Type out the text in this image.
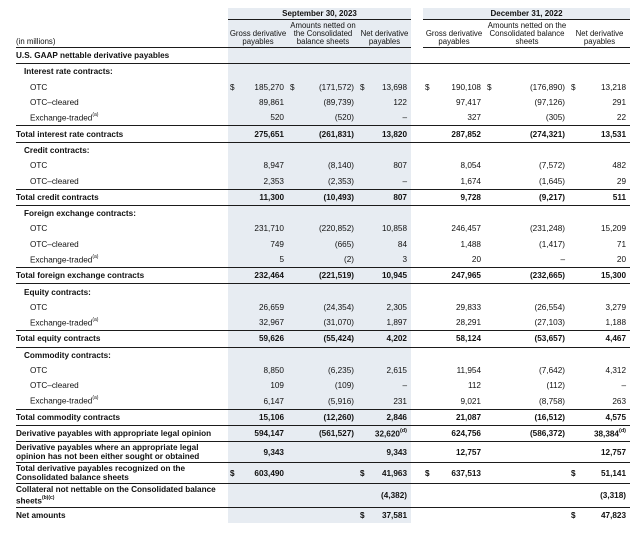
	September 30, 2023				December 31, 2022		
(in millions)	Gross derivative payables	Amounts netted on the Consolidated balance sheets	Net derivative payables		Gross derivative payables	Amounts netted on the Consolidated balance sheets	Net derivative payables
U.S. GAAP nettable derivative payables							
Interest rate contracts:							
OTC	$ 185,270	$ (171,572)	$ 13,698		$ 190,108	$ (176,890)	$ 13,218
OTC–cleared	89,861	(89,739)	122		97,417	(97,126)	291
Exchange-traded$^{(a)}$	520	(520)	–		327	(305)	22
Total interest rate contracts	275,651	(261,831)	13,820		287,852	(274,321)	13,531
Credit contracts:							
OTC	8,947	(8,140)	807		8,054	(7,572)	482
OTC–cleared	2,353	(2,353)	–		1,674	(1,645)	29
Total credit contracts	11,300	(10,493)	807		9,728	(9,217)	511
Foreign exchange contracts:							
OTC	231,710	(220,852)	10,858		246,457	(231,248)	15,209
OTC–cleared	749	(665)	84		1,488	(1,417)	71
Exchange-traded$^{(a)}$	5	(2)	3		20	–	20
Total foreign exchange contracts	232,464	(221,519)	10,945		247,965	(232,665)	15,300
Equity contracts:							
OTC	26,659	(24,354)	2,305		29,833	(26,554)	3,279
Exchange-traded$^{(a)}$	32,967	(31,070)	1,897		28,291	(27,103)	1,188
Total equity contracts	59,626	(55,424)	4,202		58,124	(53,657)	4,467
Commodity contracts:							
OTC	8,850	(6,235)	2,615		11,954	(7,642)	4,312
OTC–cleared	109	(109)	–		112	(112)	–
Exchange-traded$^{(a)}$	6,147	(5,916)	231		9,021	(8,758)	263
Total commodity contracts	15,106	(12,260)	2,846		21,087	(16,512)	4,575
Derivative payables with appropriate legal opinion	594,147	(561,527)	32,620$^{(d)}$		624,756	(586,372)	38,384$^{(d)}$
Derivative payables where an appropriate legal opinion has not been either sought or obtained	9,343		9,343		12,757		12,757
Total derivative payables recognized on the Consolidated balance sheets	$ 603,490		$ 41,963		$ 637,513		$ 51,141
Collateral not nettable on the Consolidated balance sheets$^{(b)(c)}$			(4,382)				(3,318)
Net amounts			$ 37,581				$ 47,823
